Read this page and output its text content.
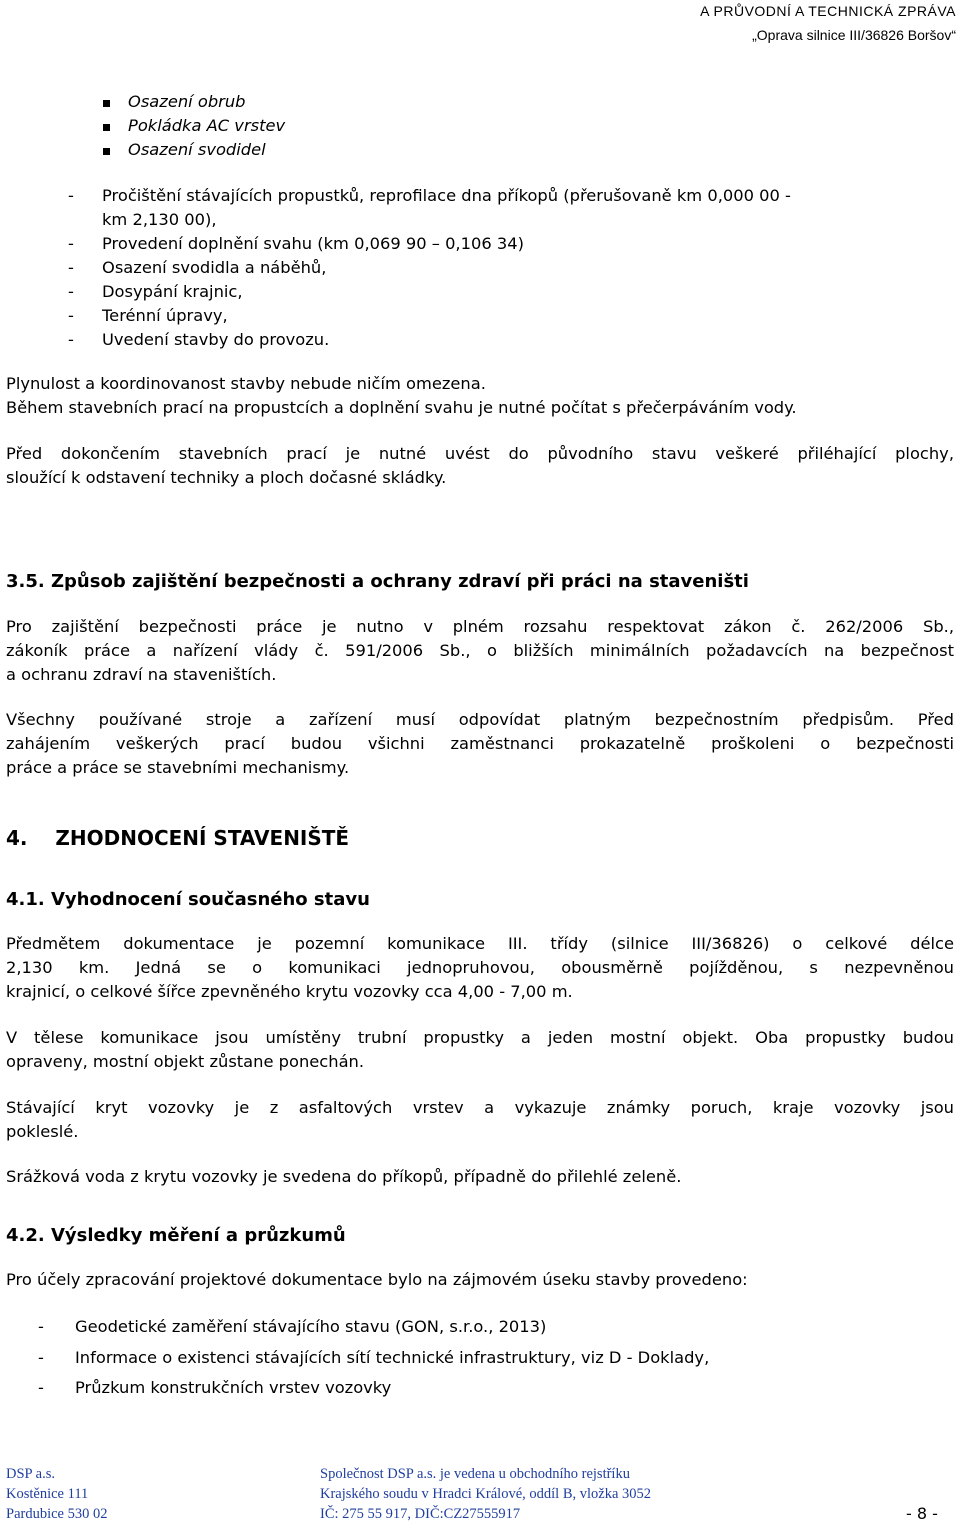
A PRŮVODNÍ A TECHNICKÁ ZPRÁVA
„Oprava silnice III/36826 Boršov“
Osazení obrub
Pokládka AC vrstev
Osazení svodidel
- Pročištění stávajících propustků, reprofilace dna příkopů (přerušovaně km 0,000 00 -
km 2,130 00),
- Provedení doplnění svahu (km 0,069 90 – 0,106 34)
- Osazení svodidla a náběhů,
- Dosypání krajnic,
- Terénní úpravy,
- Uvedení stavby do provozu.
Plynulost a koordinovanost stavby nebude ničím omezena.
Během stavebních prací na propustcích a doplnění svahu je nutné počítat s přečerpáváním vody.
Před dokončením stavebních prací je nutné uvést do původního stavu veškeré přiléhající plochy,
sloužící k odstavení techniky a ploch dočasné skládky.
3.5. Způsob zajištění bezpečnosti a ochrany zdraví při práci na staveništi
Pro zajištění bezpečnosti práce je nutno v plném rozsahu respektovat zákon č. 262/2006 Sb.,
zákoník práce a nařízení vlády č. 591/2006 Sb., o bližších minimálních požadavcích na bezpečnost
a ochranu zdraví na staveništích.
Všechny používané stroje a zařízení musí odpovídat platným bezpečnostním předpisům. Před
zahájením veškerých prací budou všichni zaměstnanci prokazatelně proškoleni o bezpečnosti
práce a práce se stavebními mechanismy.
4.    ZHODNOCENÍ STAVENIŠTĚ
4.1. Vyhodnocení současného stavu
Předmětem dokumentace je pozemní komunikace III. třídy (silnice III/36826) o celkové délce
2,130 km. Jedná se o komunikaci jednopruhovou, obousměrně pojížděnou, s nezpevněnou
krajnicí, o celkové šířce zpevněného krytu vozovky cca 4,00 - 7,00 m.
V tělese komunikace jsou umístěny trubní propustky a jeden mostní objekt. Oba propustky budou
opraveny, mostní objekt zůstane ponechán.
Stávající kryt vozovky je z asfaltových vrstev a vykazuje známky poruch, kraje vozovky jsou
pokleslé.
Srážková voda z krytu vozovky je svedena do příkopů, případně do přilehlé zeleně.
4.2. Výsledky měření a průzkumů
Pro účely zpracování projektové dokumentace bylo na zájmovém úseku stavby provedeno:
- Geodetické zaměření stávajícího stavu (GON, s.r.o., 2013)
- Informace o existenci stávajících sítí technické infrastruktury, viz D - Doklady,
- Průzkum konstrukčních vrstev vozovky
DSP a.s.
Kostěnice 111
Pardubice 530 02
Společnost DSP a.s. je vedena u obchodního rejstříku
Krajského soudu v Hradci Králové, oddíl B, vložka 3052
IČ: 275 55 917, DIČ:CZ27555917	- 8 -
